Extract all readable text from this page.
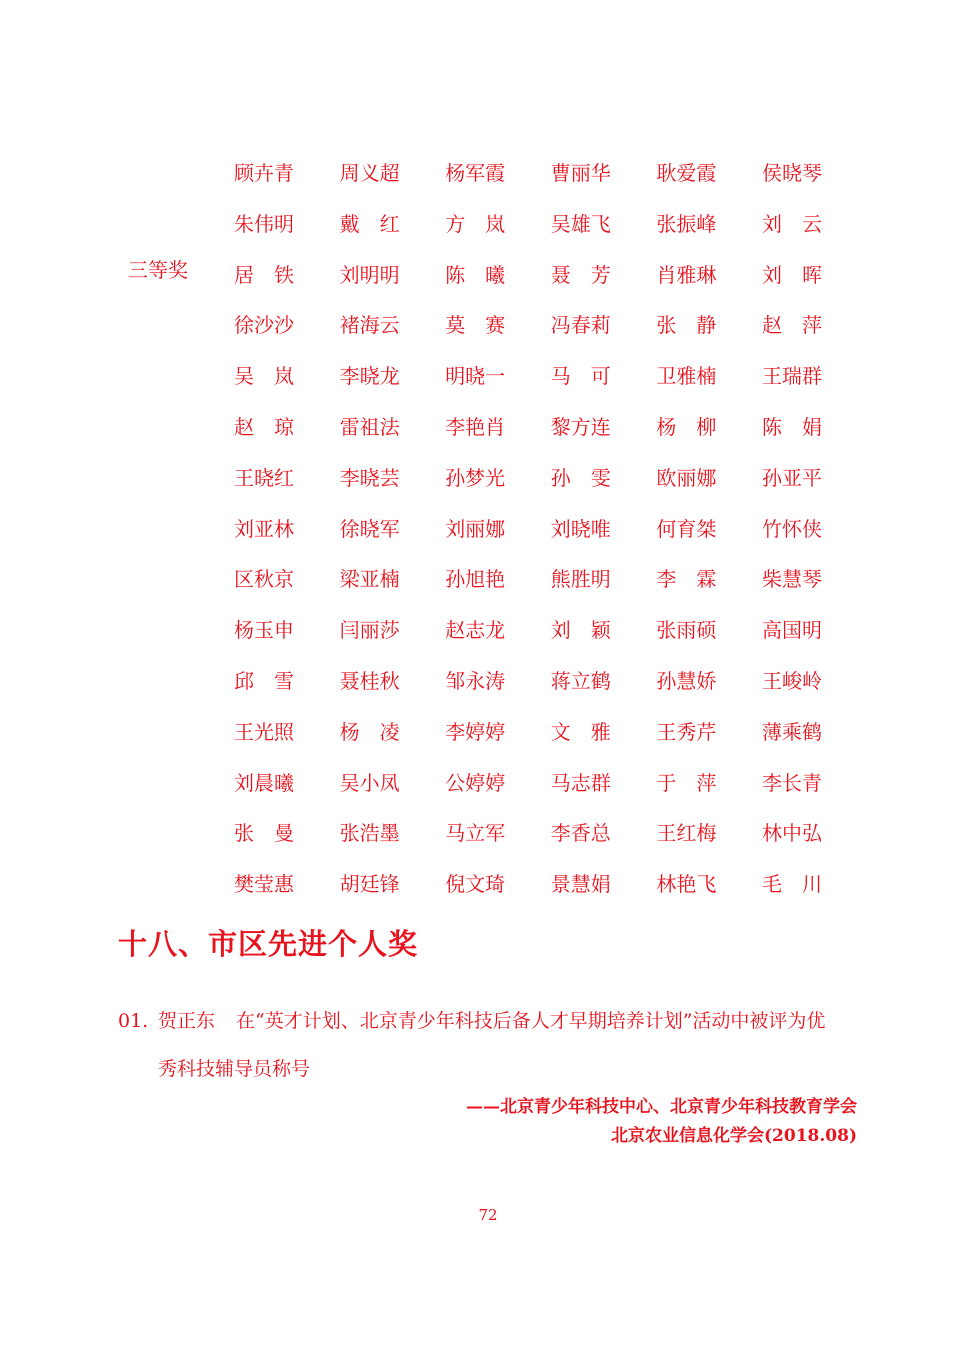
三等奖
顾卉青	周义超	杨军霞	曹丽华	耿爱霞	侯晓琴
朱伟明	戴　红	方　岚	吴雄飞	张振峰	刘　云
居　铁	刘明明	陈　曦	聂　芳	肖雅琳	刘　晖
徐沙沙	褚海云	莫　赛	冯春莉	张　静	赵　萍
吴　岚	李晓龙	明晓一	马　可	卫雅楠	王瑞群
赵　琼	雷祖法	李艳肖	黎方连	杨　柳	陈　娟
王晓红	李晓芸	孙梦光	孙　雯	欧丽娜	孙亚平
刘亚林	徐晓军	刘丽娜	刘晓唯	何育桀	竹怀侠
区秋京	梁亚楠	孙旭艳	熊胜明	李　霖	柴慧琴
杨玉申	闫丽莎	赵志龙	刘　颖	张雨硕	高国明
邱　雪	聂桂秋	邹永涛	蒋立鹤	孙慧娇	王峻岭
王光照	杨　凌	李婷婷	文　雅	王秀芹	薄乘鹤
刘晨曦	吴小凤	公婷婷	马志群	于　萍	李长青
张　曼	张浩墨	马立军	李香总	王红梅	林中弘
樊莹惠	胡廷锋	倪文琦	景慧娟	林艳飞	毛　川
十八、市区先进个人奖
01. 贺正东 在“英才计划、北京青少年科技后备人才早期培养计划”活动中被评为优
秀科技辅导员称号
——北京青少年科技中心、北京青少年科技教育学会
北京农业信息化学会(2018.08)
72
